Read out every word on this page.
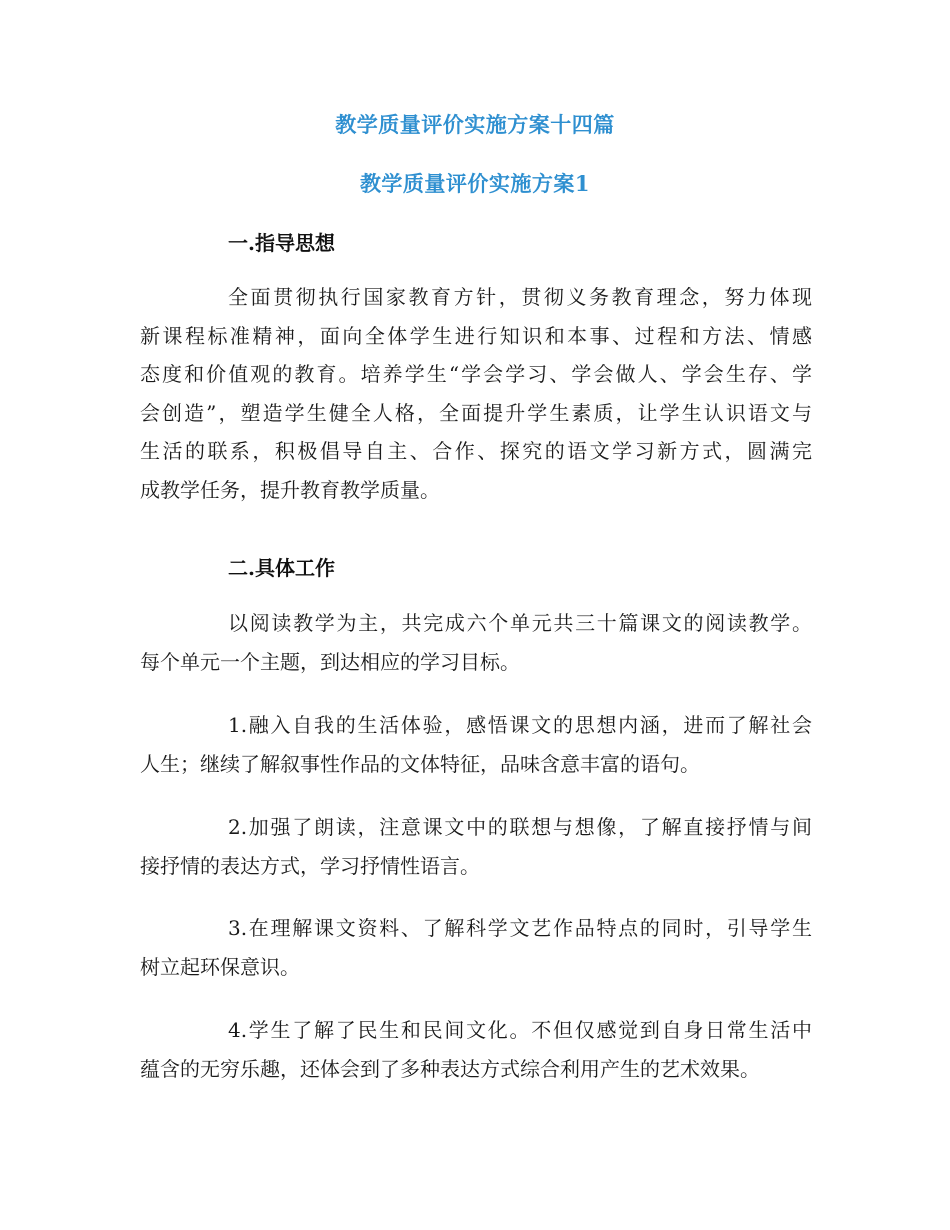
教学质量评价实施方案十四篇
教学质量评价实施方案1
一.指导思想
全面贯彻执行国家教育方针，贯彻义务教育理念，努力体现
新课程标准精神，面向全体学生进行知识和本事、过程和方法、情感
态度和价值观的教育。培养学生“学会学习、学会做人、学会生存、学
会创造”，塑造学生健全人格，全面提升学生素质，让学生认识语文与
生活的联系，积极倡导自主、合作、探究的语文学习新方式，圆满完
成教学任务，提升教育教学质量。
二.具体工作
以阅读教学为主，共完成六个单元共三十篇课文的阅读教学。
每个单元一个主题，到达相应的学习目标。
1.融入自我的生活体验，感悟课文的思想内涵，进而了解社会
人生；继续了解叙事性作品的文体特征，品味含意丰富的语句。
2.加强了朗读，注意课文中的联想与想像，了解直接抒情与间
接抒情的表达方式，学习抒情性语言。
3.在理解课文资料、了解科学文艺作品特点的同时，引导学生
树立起环保意识。
4.学生了解了民生和民间文化。不但仅感觉到自身日常生活中
蕴含的无穷乐趣，还体会到了多种表达方式综合利用产生的艺术效果。
